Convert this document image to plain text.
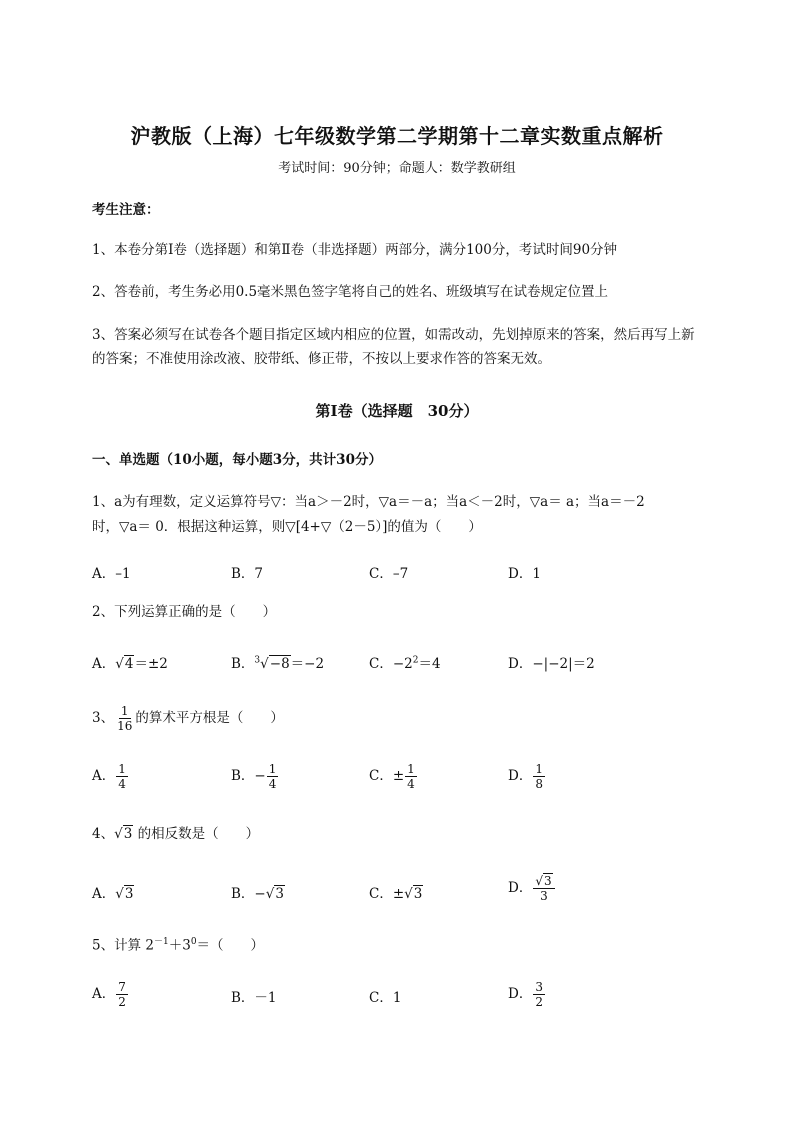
沪教版（上海）七年级数学第二学期第十二章实数重点解析
考试时间：90分钟；命题人：数学教研组
考生注意：
1、本卷分第Ⅰ卷（选择题）和第Ⅱ卷（非选择题）两部分，满分100分，考试时间90分钟
2、答卷前，考生务必用0.5毫米黑色签字笔将自己的姓名、班级填写在试卷规定位置上
3、答案必须写在试卷各个题目指定区域内相应的位置，如需改动，先划掉原来的答案，然后再写上新
的答案；不准使用涂改液、胶带纸、修正带，不按以上要求作答的答案无效。
第Ⅰ卷（选择题　30分）
一、单选题（10小题，每小题3分，共计30分）
1、a为有理数，定义运算符号▽：当a＞－2时，▽a＝－a；当a＜－2时，▽a＝ a；当a＝－2
时，▽a＝ 0．根据这种运算，则▽[4+▽（2－5）]的值为（　　）
A．–1	B．7	C．–7	D．1
2、下列运算正确的是（　　）
A．√4＝±2	B．$^3$√−8＝−2	C．$-2^2=4$	D．−|−2|＝2
3、 $\frac{1}{16}$ 的算术平方根是（　　）
A． $\frac{1}{4}$	B．− $\frac{1}{4}$	C．± $\frac{1}{4}$	D． $\frac{1}{8}$
4、√3 的相反数是（　　）
A．√3	B．−√3	C．±√3	D． $\frac{√3}{3}$
5、计算 $2^{-1}+3^0=$（　　）
A． $\frac{7}{2}$	B．－1	C．1	D． $\frac{3}{2}$
